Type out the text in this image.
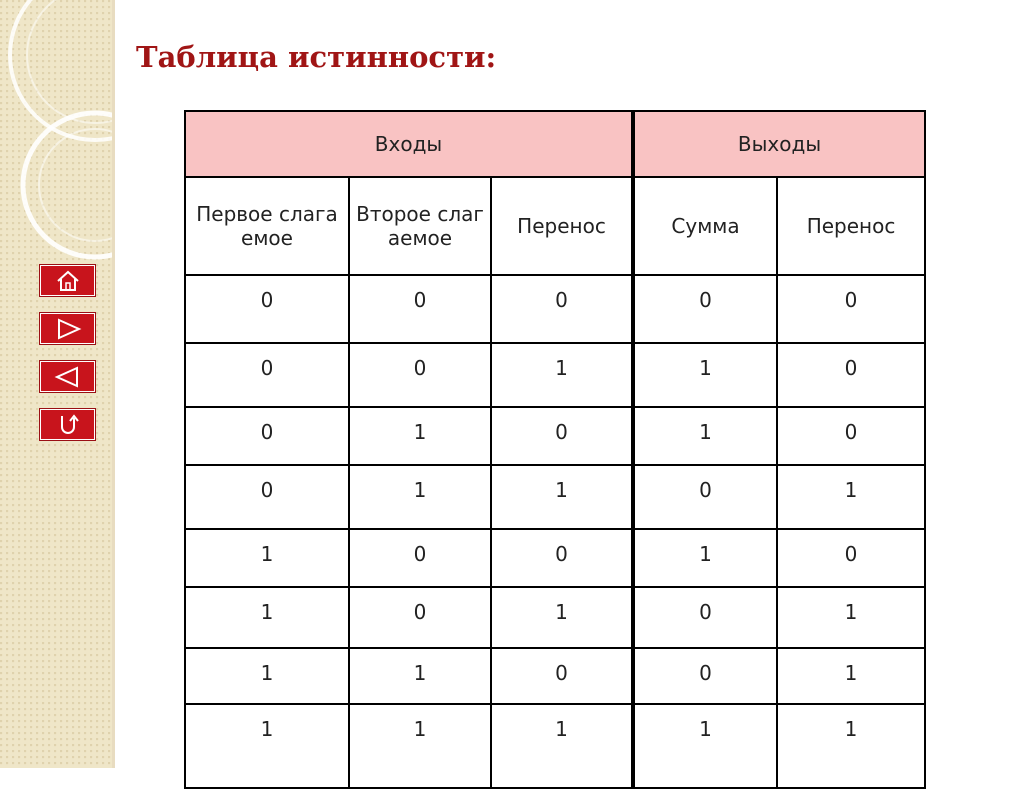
Таблица истинности:
Входы			Выходы	
Первое слагаемое	Второе слагаемое	Перенос	Сумма	Перенос
0	0	0	0	0
0	0	1	1	0
0	1	0	1	0
0	1	1	0	1
1	0	0	1	0
1	0	1	0	1
1	1	0	0	1
1	1	1	1	1
